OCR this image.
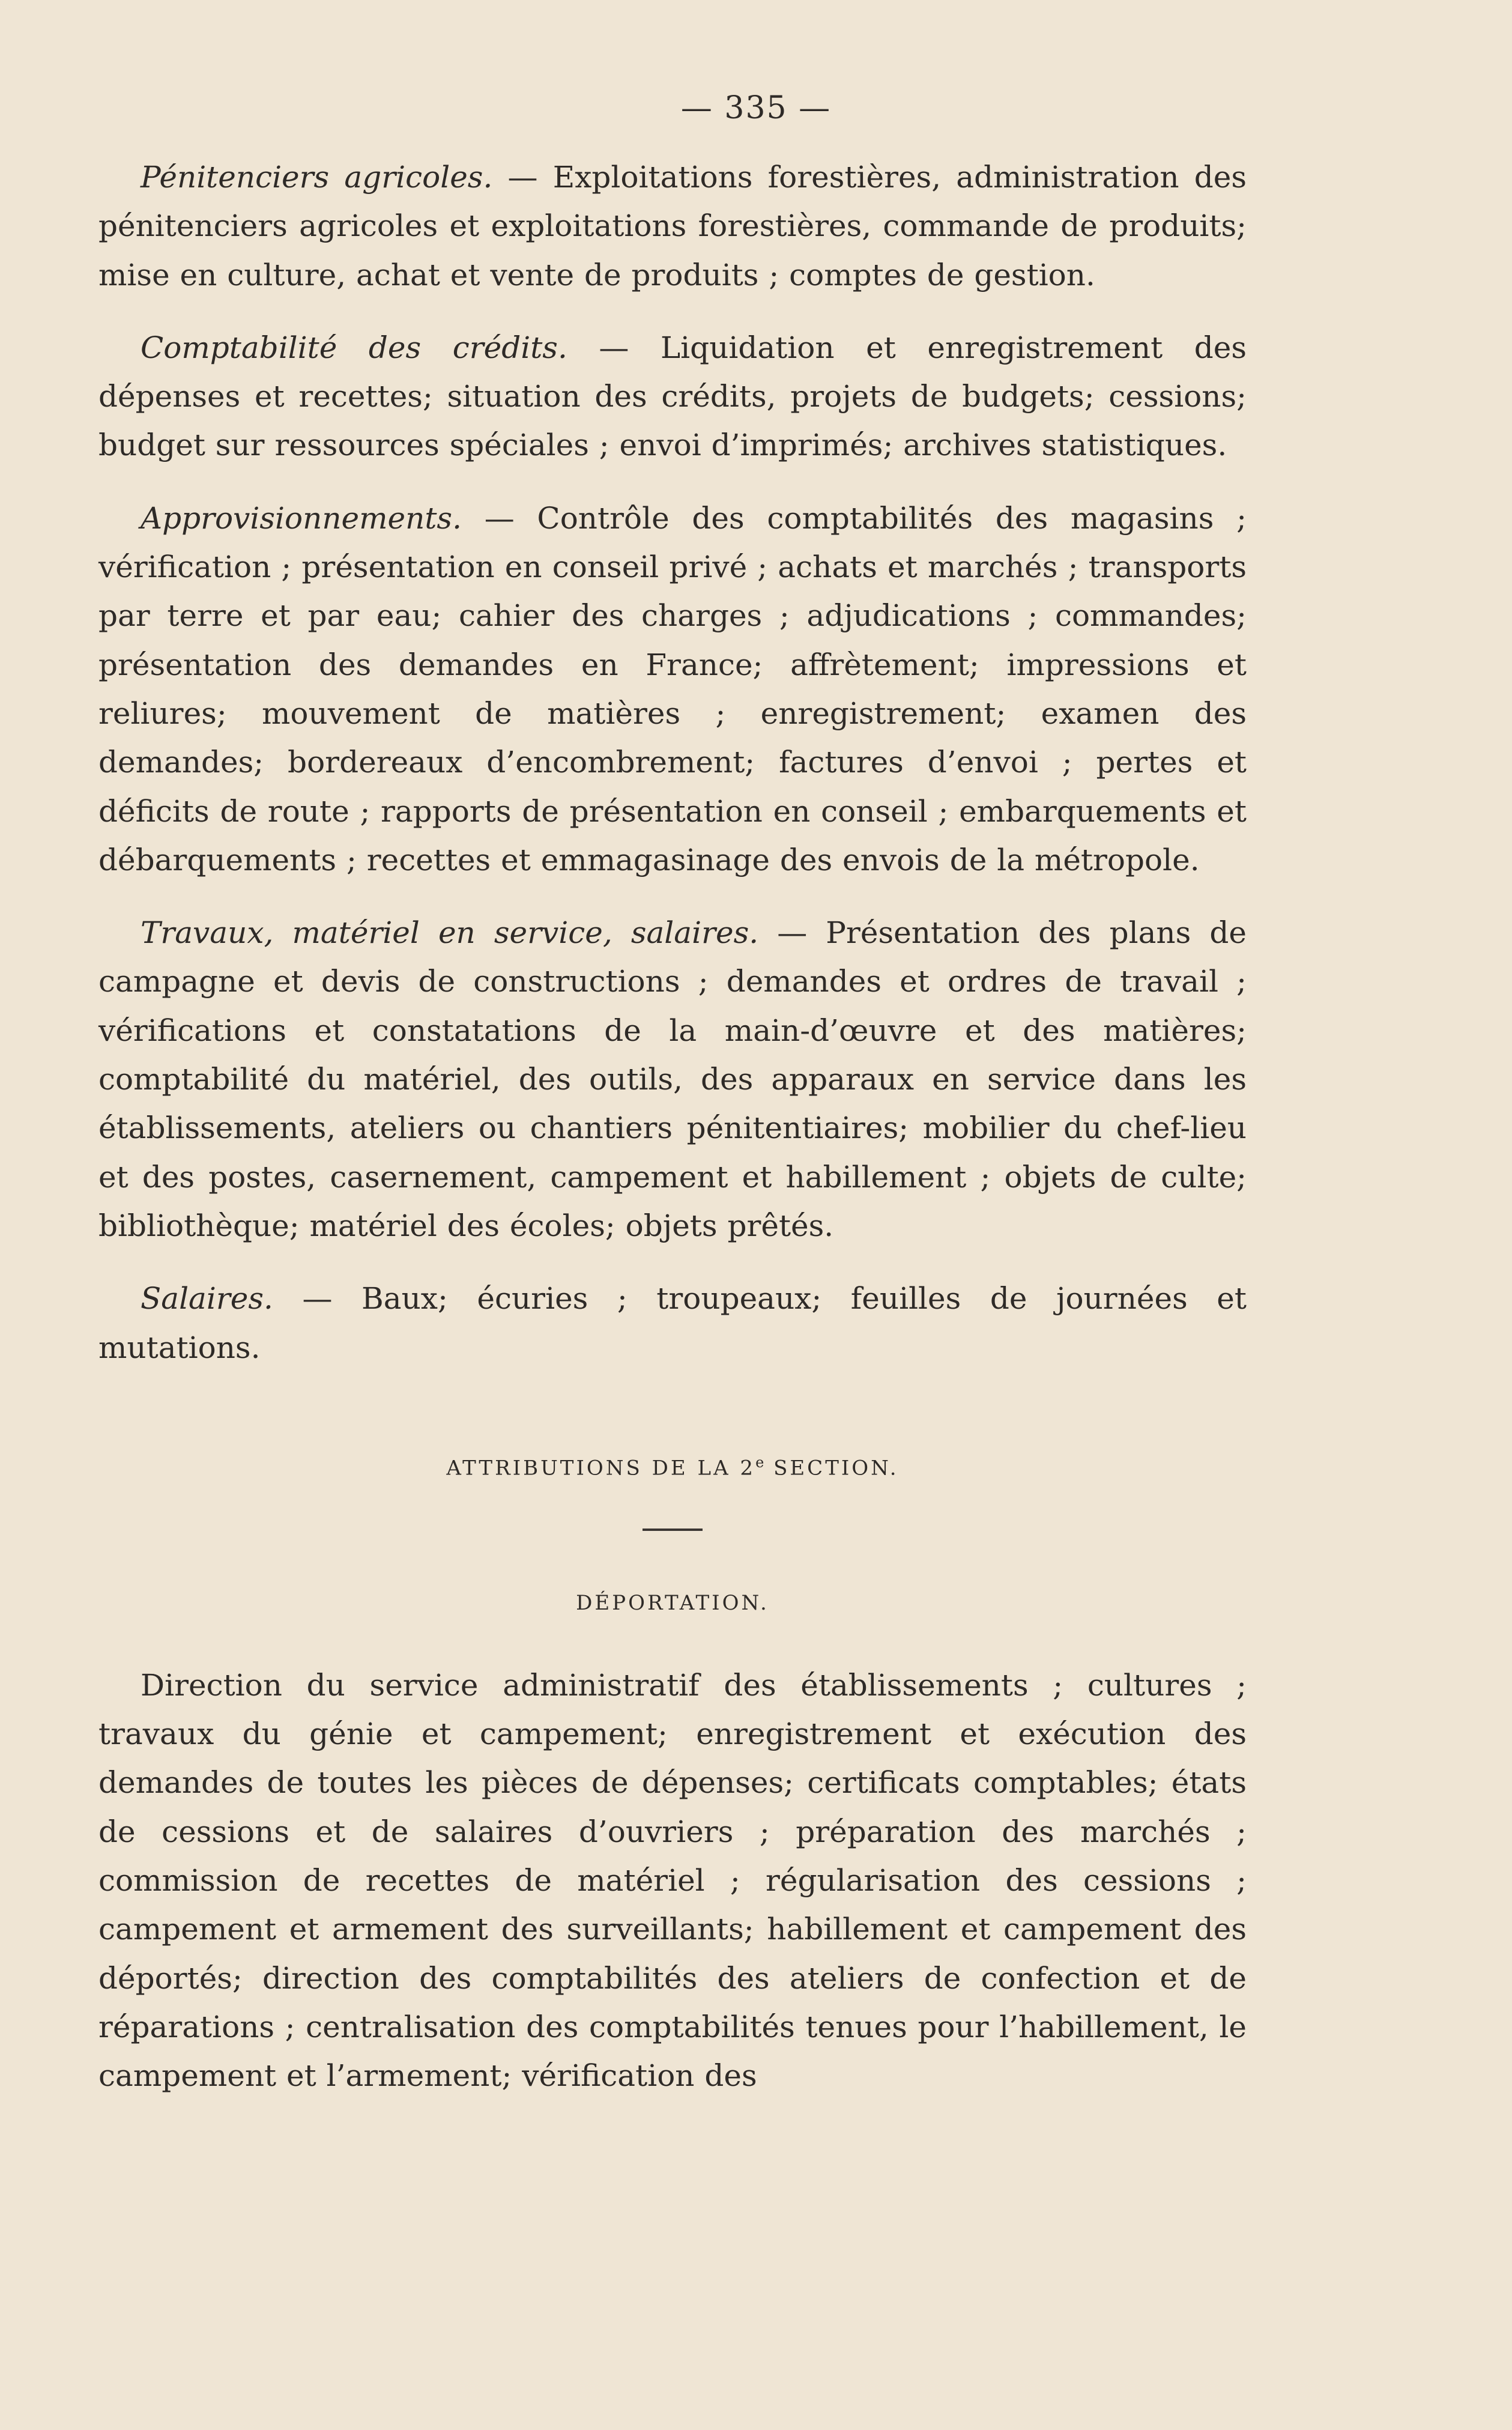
— 335 —

Pénitenciers agricoles. — Exploitations forestières, administration des pénitenciers agricoles et exploitations forestières, commande de produits; mise en culture, achat et vente de produits ; comptes de gestion.

Comptabilité des crédits. — Liquidation et enregistrement des dépenses et recettes; situation des crédits, projets de budgets; cessions; budget sur ressources spéciales ; envoi d’imprimés; archives statistiques.

Approvisionnements. — Contrôle des comptabilités des magasins ; vérification ; présentation en conseil privé ; achats et marchés ; transports par terre et par eau; cahier des charges ; adjudications ; commandes; présentation des demandes en France; affrètement; impressions et reliures; mouvement de matières ; enregistrement; examen des demandes; bordereaux d’encombrement; factures d’envoi ; pertes et déficits de route ; rapports de présentation en conseil ; embarquements et débarquements ; recettes et emmagasinage des envois de la métropole.

Travaux, matériel en service, salaires. — Présentation des plans de campagne et devis de constructions ; demandes et ordres de travail ; vérifications et constatations de la main-d’œuvre et des matières; comptabilité du matériel, des outils, des apparaux en service dans les établissements, ateliers ou chantiers pénitentiaires; mobilier du chef-lieu et des postes, casernement, campement et habillement ; objets de culte; bibliothèque; matériel des écoles; objets prêtés.

Salaires. — Baux; écuries ; troupeaux; feuilles de journées et mutations.

ATTRIBUTIONS DE LA 2e SECTION.

DÉPORTATION.

Direction du service administratif des établissements ; cultures ; travaux du génie et campement; enregistrement et exécution des demandes de toutes les pièces de dépenses; certificats comptables; états de cessions et de salaires d’ouvriers ; préparation des marchés ; commission de recettes de matériel ; régularisation des cessions ; campement et armement des surveillants; habillement et campement des déportés; direction des comptabilités des ateliers de confection et de réparations ; centralisation des comptabilités tenues pour l’habillement, le campement et l’armement; vérification des
